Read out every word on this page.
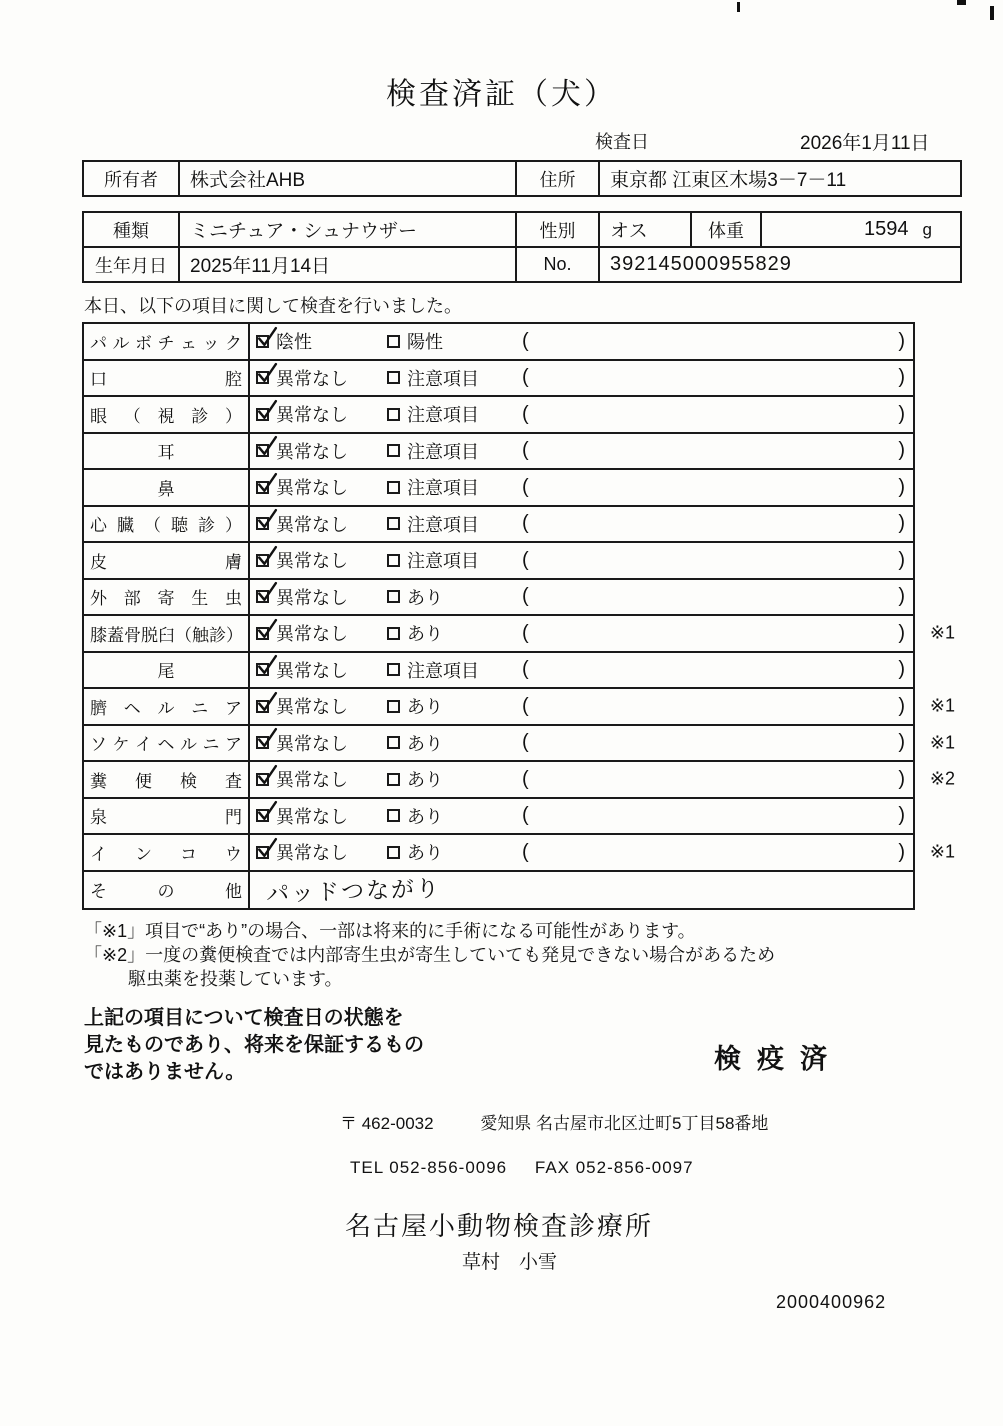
検査済証（犬）
検査日	2026年1月11日
所有者	株式会社AHB	住所	東京都 江東区木場3－7－11
種類	ミニチュア・シュナウザー	性別	オス	体重	1594 g

生年月日	2025年11月14日	No.	392145000955829		
本日、以下の項目に関して検査を行いました。
パ ル ボ チ ェ ッ ク 陰性	陽性	(	)
口	腔 異常なし	注意項目 (	)
眼 （ 視 診 ） 異常なし	注意項目 (	)
耳	異常なし	注意項目 (	)
鼻	異常なし	注意項目 (	)
心 臓 （ 聴 診 ） 異常なし	注意項目 (	)
皮	膚 異常なし	注意項目 (	)
外 部 寄 生 虫 異常なし	あり	(	)
膝 蓋 骨 脱 臼 （ 触 診 ） 異常なし	あり	(	) ※1
尾	異常なし	注意項目 (	)
臍 ヘ ル ニ ア 異常なし	あり	(	) ※1
ソ ケ イ ヘ ル ニ ア 異常なし	あり	(	) ※1
糞 便 検 査 異常なし	あり	(	) ※2
泉	門 異常なし	あり	(	)
イ ン コ ウ 異常なし	あり	(	) ※1
そ	の	他 パッドつながり
「※1」項目で“あり”の場合、一部は将来的に手術になる可能性があります。
「※2」一度の糞便検査では内部寄生虫が寄生していても発見できない場合があるため
駆虫薬を投薬しています。
上記の項目について検査日の状態を
見たものであり、将来を保証するもの
ではありません。	検疫済
〒 462-0032	愛知県 名古屋市北区辻町5丁目58番地
TEL 052-856-0096 FAX 052-856-0097
名古屋小動物検査診療所
草村　小雪
2000400962
